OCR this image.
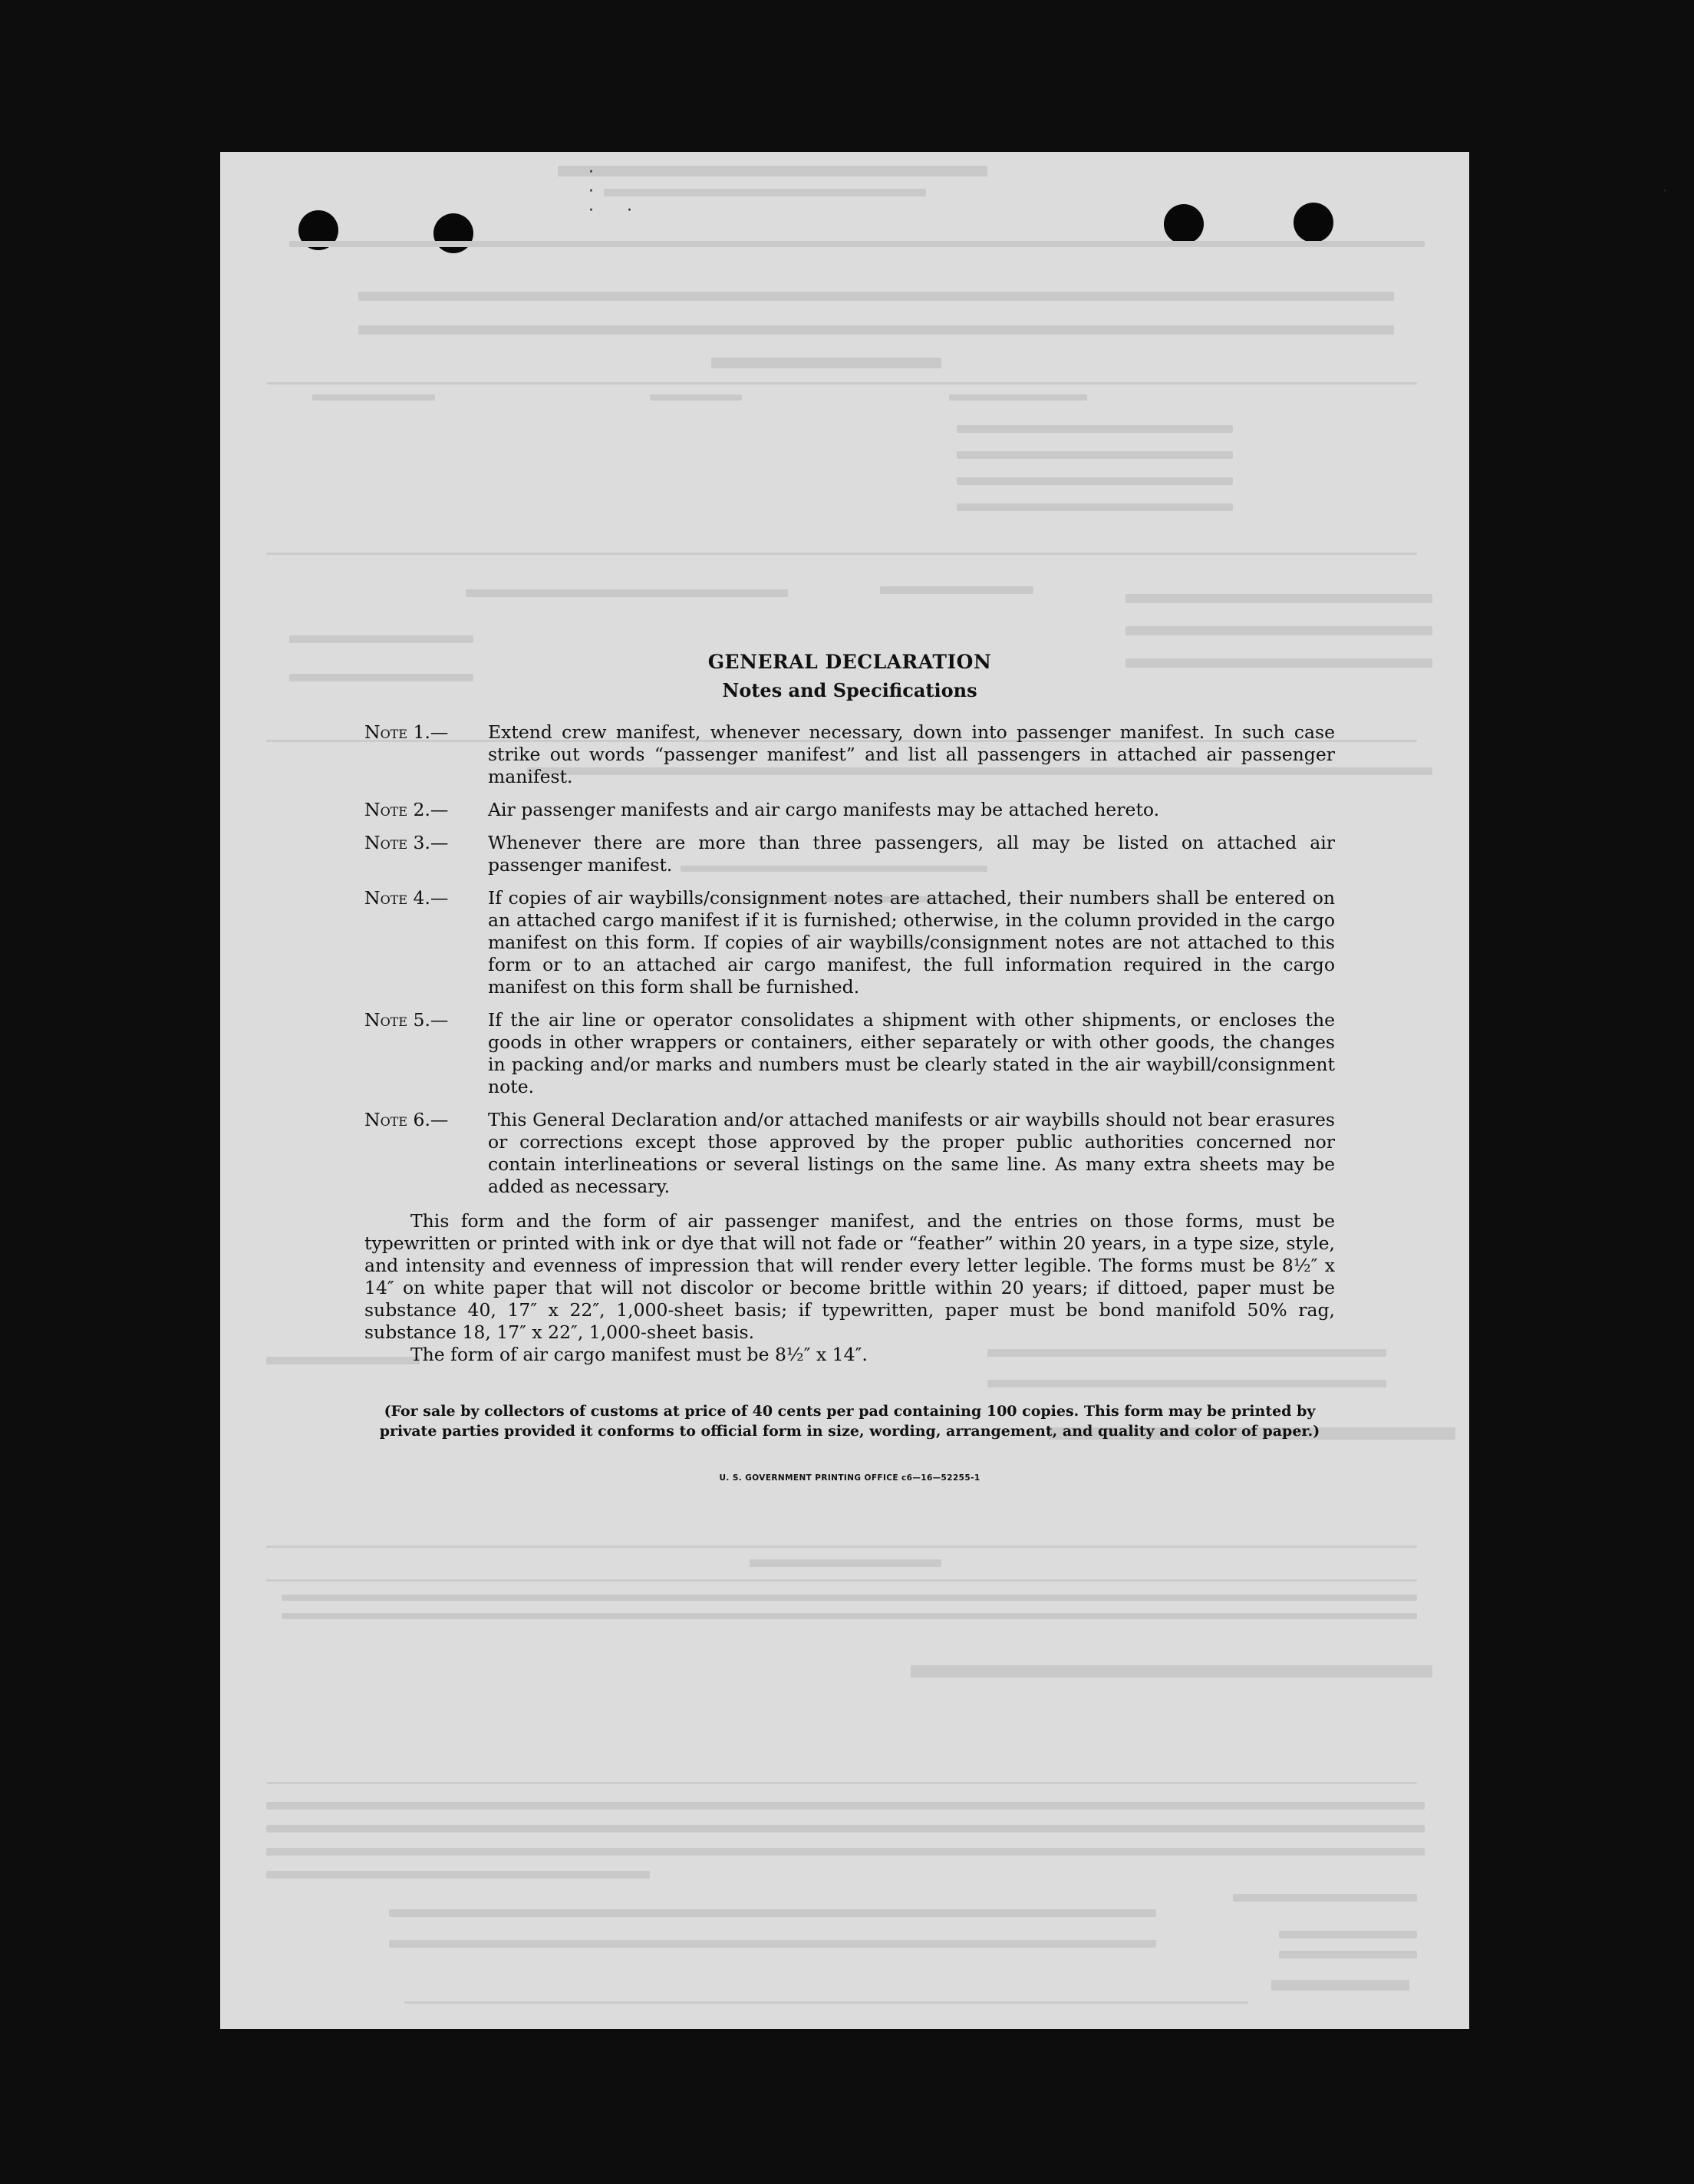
· ·                                                       · · ·
GENERAL DECLARATION
Notes and Specifications
Note 1.— Extend crew manifest, whenever necessary, down into passenger manifest. In such case strike out words “passenger manifest” and list all passengers in attached air passenger manifest.
Note 2.— Air passenger manifests and air cargo manifests may be attached hereto.
Note 3.— Whenever there are more than three passengers, all may be listed on attached air passenger manifest.
Note 4.— If copies of air waybills/consignment notes are attached, their numbers shall be entered on an attached cargo manifest if it is furnished; otherwise, in the column provided in the cargo manifest on this form. If copies of air waybills/consignment notes are not attached to this form or to an attached air cargo manifest, the full information required in the cargo manifest on this form shall be furnished.
Note 5.— If the air line or operator consolidates a shipment with other shipments, or encloses the goods in other wrappers or containers, either separately or with other goods, the changes in packing and/or marks and numbers must be clearly stated in the air waybill/consignment note.
Note 6.— This General Declaration and/or attached manifests or air waybills should not bear erasures or corrections except those approved by the proper public authorities concerned nor contain interlineations or several listings on the same line. As many extra sheets may be added as necessary.
This form and the form of air passenger manifest, and the entries on those forms, must be typewritten or printed with ink or dye that will not fade or “feather” within 20 years, in a type size, style, and intensity and evenness of impression that will render every letter legible. The forms must be 8½″ x 14″ on white paper that will not discolor or become brittle within 20 years; if dittoed, paper must be substance 40, 17″ x 22″, 1,000-sheet basis; if typewritten, paper must be bond manifold 50% rag, substance 18, 17″ x 22″, 1,000-sheet basis.
The form of air cargo manifest must be 8½″ x 14″.
(For sale by collectors of customs at price of 40 cents per pad containing 100 copies. This form may be printed by private parties provided it conforms to official form in size, wording, arrangement, and quality and color of paper.)
U. S. GOVERNMENT PRINTING OFFICE c6—16—52255-1
